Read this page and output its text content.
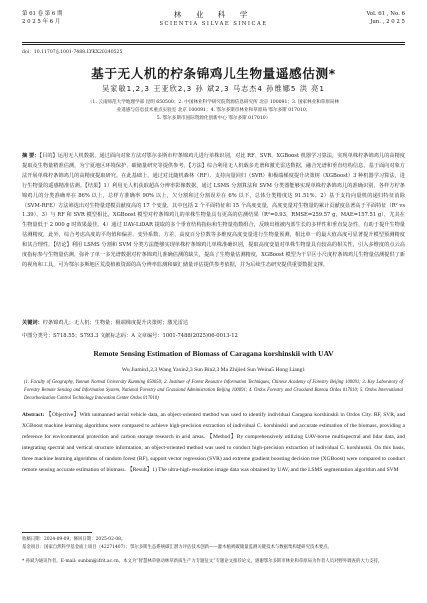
第 61 卷 第 6 期
2 0 2 5 年 6 月
林 业 科 学
SCIENTIA SILVAE SINICAE
Vol. 61 , No. 6
Jun. , 2 0 2 5
doi：10.11707/j.1001-7488.LYKX20240525
基于无人机的柠条锦鸡儿生物量遥感估测*
吴家敏1,2,3 王亚欣2,3 孙 斌2,3 马志杰4 孙维娜5 洪 亮1
（1. 云南师范大学地理学部 昆明 650500；2. 中国林业科学研究院资源信息研究所 北京 100091；3. 国家林业和草原局林
业遥感与信息技术重点实验室 北京 100091；4. 鄂尔多斯市林业和草原局 鄂尔多斯 017010；
5. 鄂尔多斯市国际资源化创新中心 鄂尔多斯 017010）
摘 要：【目的】运用无人机数据，通过面向对象方法对鄂尔多斯市柠条锦鸡儿进行单株识别，对比 RF、SVR、XGBoost 机器学习算法，实现单株柠条锦鸡儿的高精度提取及生物量精准估测，为宁夏地区环境保护、碳储量研究等提供参考。【方法】综合利用无人机载多光谱和激光雷达数据，融合光谱和垂直结构信息，基于面向对象方法开展单株柠条锦鸡儿的高精度提取研究。在此基础上，通过对比随机森林（RF）、支持向量回归（SVR）和极端梯度提升决策树（XGBoost）3 种机器学习算法，进行生物量的遥感精准估测。【结果】1）利用无人机获取超高分辨率影像数据，通过 LSMS 分割算法和 SVM 分类器能够实现单株柠条锦鸡儿的准确识别，各样方柠条锦鸡儿的分类准确率在 86% 以上，总样方准确率 90% 以上，欠分割和过分割误差在 6% 以下，总体分类精度达 91.51%。2）基于支持向量机的递归特征消除（SVM-RFE）方法筛选出对生物量建模贡献度高的 17 个变量，其中包括 2 个平面特征和 15 个高度变量，高度变量对生物量的累计贡献度显著高于平面特征（R² vs 1.39）。3）与 RF 和 SVR 模型相比，XGBoost 模型对柠条锦鸡儿的单株生物量具有更高的估测结果（R²=0.93，RMSE=259.57 g，MAE=157.51 g），尤其在生物量低于 2 000 g 时效果最佳。4）通过 UAV-LiDAR 提取的多个垂直结构指标和生物量指数组合，反映出植被内部生长的多样性和垂直复杂性，有助于提升生物量估测精度，此外，综合考虑高度的平均值和偏差、变异系数、方差、高度百分位数等多维度高度变量进行生物量预测，相比单一的最大值高度可显著提升模型预测精度和其合理性。【结论】利用 LSMS 分割和 SVM 分类方法能够实现单株柠条锦鸡儿单株准确识别，提取高度变量对单株生物量具有较高的相关性，引入多维度的点云高度指标参与生物量估测，弥补了单一多光谱数据对柠条锦鸡儿准确估测的缺失，提高了生物量估测精度，XGBoost 模型为干旱区小尺度柠条锦鸡儿生物量估测提供了新的视角和工具，可为鄂尔多斯地区荒漠植被资源的高分辨率监测和碳汇储量评估提供参考依据，并为后续生态研究提供重要数据支撑。
关键词：柠条锦鸡儿；无人机；生物量；极端梯度提升决策树；激光雷达
中图分类号：S718.55；S793.3 文献标志码：A 文章编号：1001-7488(2025)06-0013-12
Remote Sensing Estimation of Biomass of Caragana korshinskii with UAV
Wu Jiamin1,2,3 Wang Yaxin2,3 Sun Bin2,3 Ma Zhijie4 Sun Weina5 Hong Liang1
(1. Faculty of Geography, Yunnan Normal University Kunming 650050; 2. Institute of Forest Resource Information Techniques, Chinese Academy of Forestry Beijing 100091; 3. Key Laboratory of Forestry Remote Sensing and Information System, National Forestry and Grassland Administration Beijing 100091; 4. Ordos Forestry and Grassland Bureau Ordos 017010; 5. Ordos International Decarbonization Control Technology Innovation Center Ordos 017010)
Abstract: 【Objective】With unmanned aerial vehicle data, an object-oriented method was used to identify individual Caragana korshinskii in Ordos City. RF, SVR, and XGBoost machine learning algorithms were compared to achieve high-precision extraction of individual C. korshinskii and accurate estimation of the biomass, providing a reference for environmental protection and carbon storage research in arid areas. 【Method】By comprehensively utilizing UAV-borne multispectral and lidar data, and integrating spectral and vertical structure information, an object-oriented method was used to conduct high-precision extraction of individual C. korshinskii. On this basis, three machine learning algorithms of random forest (RF), support vector regression (SVR) and extreme gradient boosting decision tree (XGBoost) were compared to conduct remote sensing accurate estimation of biomass. 【Result】1) The ultra-high-resolution image data was obtained by UAV, and the LSMS segmentation algorithm and SVM

收稿日期：2024-09-09；修回日期：2025-02-08。

基金项目：国家自然科学基金面上项目（42271407）；鄂尔多斯生态系统碳汇潜力评估技术创新——灌木植被碳储量监测关键技术与数据集构建研究技术要点。

* 孙斌为通讯作者。E-mail: sunbin@ifrit.ac.cn。本文为“智慧林草驱动林草新质生产力专题征文”专题论文推荐论文。感谢鄂尔多斯市林业和草原局为作者人员对野外调查的大力支持。
